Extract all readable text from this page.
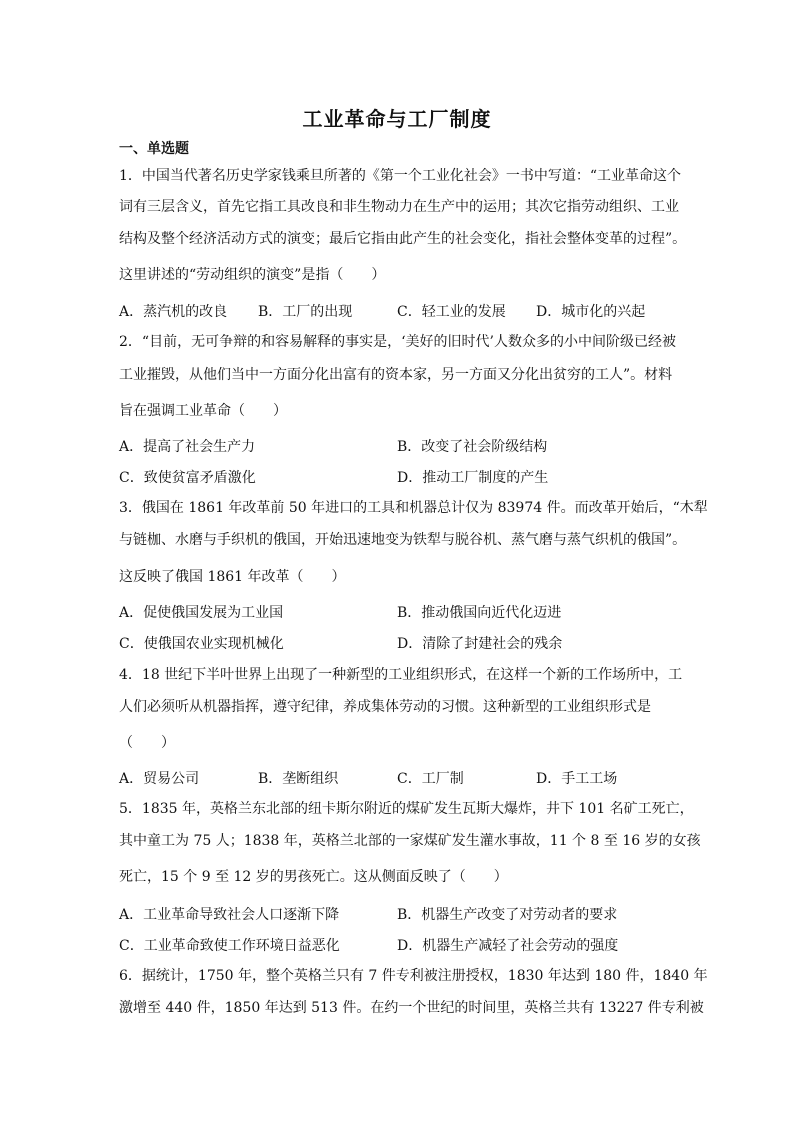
工业革命与工厂制度
一、单选题
1．中国当代著名历史学家钱乘旦所著的《第一个工业化社会》一书中写道：“工业革命这个
词有三层含义，首先它指工具改良和非生物动力在生产中的运用；其次它指劳动组织、工业
结构及整个经济活动方式的演变；最后它指由此产生的社会变化，指社会整体变革的过程”。
这里讲述的“劳动组织的演变”是指（　　）
A．蒸汽机的改良 B．工厂的出现	C．轻工业的发展 D．城市化的兴起
2．“目前，无可争辩的和容易解释的事实是，‘美好的旧时代’人数众多的小中间阶级已经被
工业摧毁，从他们当中一方面分化出富有的资本家，另一方面又分化出贫穷的工人”。材料
旨在强调工业革命（　　）
A．提高了社会生产力	B．改变了社会阶级结构
C．致使贫富矛盾激化	D．推动工厂制度的产生
3．俄国在 1861 年改革前 50 年进口的工具和机器总计仅为 83974 件。而改革开始后，“木犁
与链枷、水磨与手织机的俄国，开始迅速地变为铁犁与脱谷机、蒸气磨与蒸气织机的俄国”。
这反映了俄国 1861 年改革（　　）
A．促使俄国发展为工业国	B．推动俄国向近代化迈进
C．使俄国农业实现机械化	D．清除了封建社会的残余
4．18 世纪下半叶世界上出现了一种新型的工业组织形式，在这样一个新的工作场所中，工
人们必须听从机器指挥，遵守纪律，养成集体劳动的习惯。这种新型的工业组织形式是
（　　）
A．贸易公司	B．垄断组织	C．工厂制	D．手工工场
5．1835 年，英格兰东北部的纽卡斯尔附近的煤矿发生瓦斯大爆炸，井下 101 名矿工死亡，
其中童工为 75 人；1838 年，英格兰北部的一家煤矿发生灌水事故，11 个 8 至 16 岁的女孩
死亡，15 个 9 至 12 岁的男孩死亡。这从侧面反映了（　　）
A．工业革命导致社会人口逐渐下降	B．机器生产改变了对劳动者的要求
C．工业革命致使工作环境日益恶化	D．机器生产减轻了社会劳动的强度
6．据统计，1750 年，整个英格兰只有 7 件专利被注册授权，1830 年达到 180 件，1840 年
激增至 440 件，1850 年达到 513 件。在约一个世纪的时间里，英格兰共有 13227 件专利被
